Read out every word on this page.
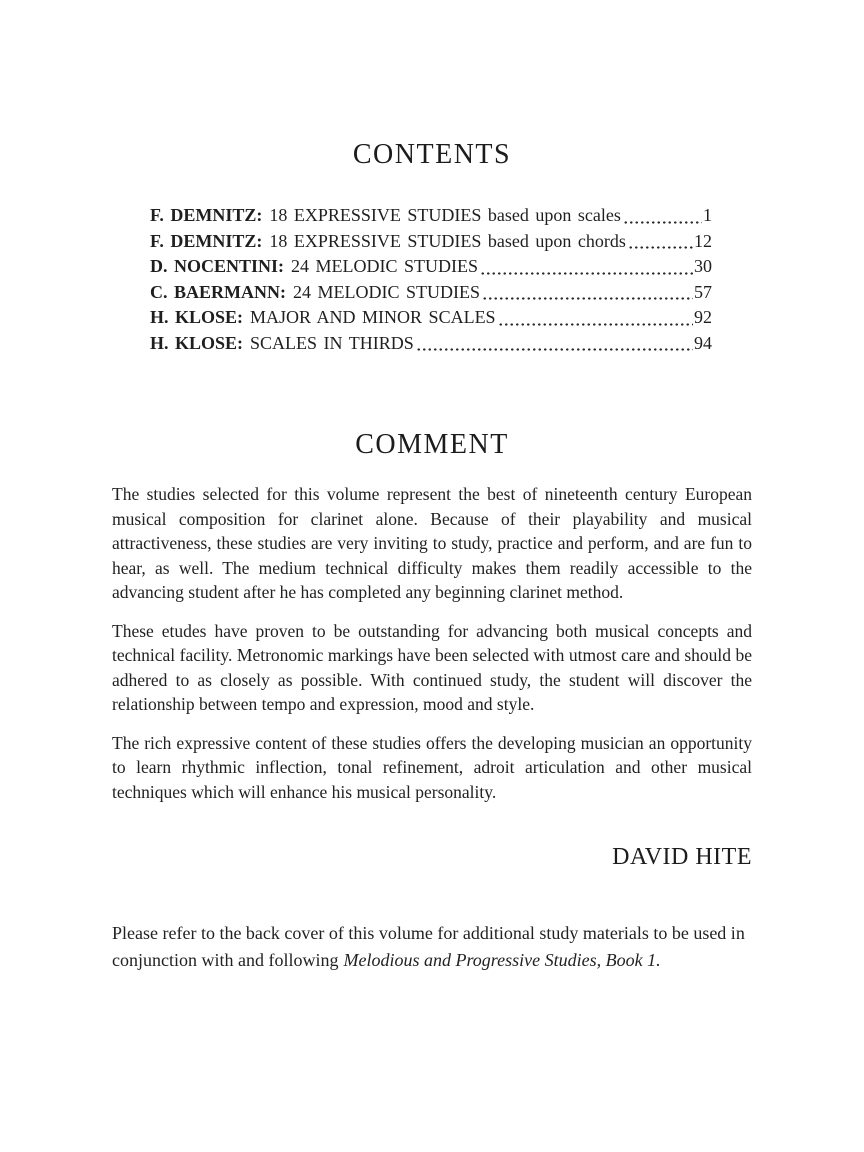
CONTENTS
F. DEMNITZ: 18 EXPRESSIVE STUDIES based upon scales	1
F. DEMNITZ: 18 EXPRESSIVE STUDIES based upon chords	12
D. NOCENTINI: 24 MELODIC STUDIES	30
C. BAERMANN: 24 MELODIC STUDIES	57
H. KLOSE: MAJOR AND MINOR SCALES	92
H. KLOSE: SCALES IN THIRDS	94
COMMENT

The studies selected for this volume represent the best of nineteenth century European musical composition for clarinet alone. Because of their playability and musical attractiveness, these studies are very inviting to study, practice and perform, and are fun to hear, as well. The medium technical difficulty makes them readily accessible to the advancing student after he has completed any beginning clarinet method.

These etudes have proven to be outstanding for advancing both musical concepts and technical facility. Metronomic markings have been selected with utmost care and should be adhered to as closely as possible. With continued study, the student will discover the relationship between tempo and expression, mood and style.

The rich expressive content of these studies offers the developing musician an opportunity to learn rhythmic inflection, tonal refinement, adroit articulation and other musical techniques which will enhance his musical personality.

DAVID HITE

Please refer to the back cover of this volume for additional study materials to be used in conjunction with and following Melodious and Progressive Studies, Book 1.
